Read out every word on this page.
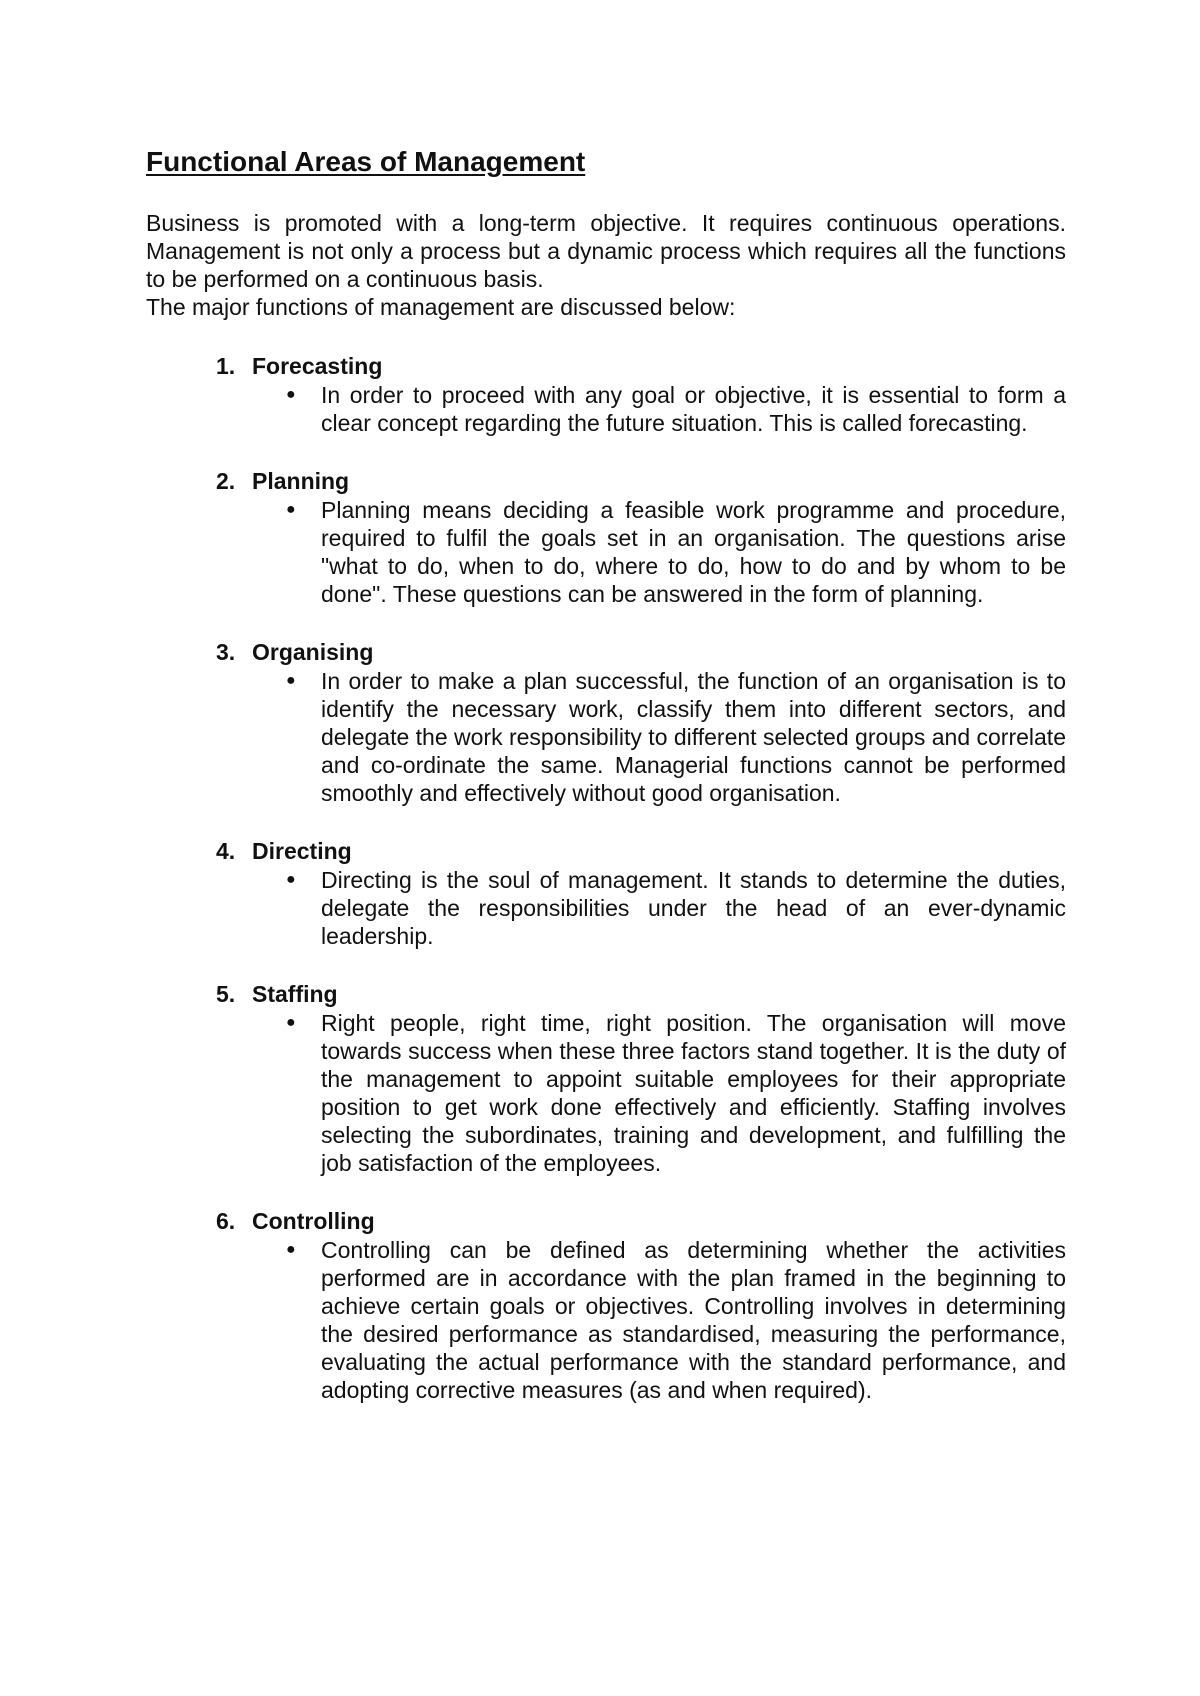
Functional Areas of Management

Business is promoted with a long-term objective. It requires continuous operations. Management is not only a process but a dynamic process which requires all the functions to be performed on a continuous basis.

The major functions of management are discussed below:
1. Forecasting
●	In order to proceed with any goal or objective, it is essential to form a clear concept regarding the future situation. This is called forecasting.

2. Planning
●	Planning means deciding a feasible work programme and procedure, required to fulfil the goals set in an organisation. The questions arise "what to do, when to do, where to do, how to do and by whom to be done". These questions can be answered in the form of planning.

3. Organising
●	In order to make a plan successful, the function of an organisation is to identify the necessary work, classify them into different sectors, and delegate the work responsibility to different selected groups and correlate and co-ordinate the same. Managerial functions cannot be performed smoothly and effectively without good organisation.

4. Directing
●	Directing is the soul of management. It stands to determine the duties, delegate the responsibilities under the head of an ever-dynamic leadership.

5. Staffing
●	Right people, right time, right position. The organisation will move towards success when these three factors stand together. It is the duty of the management to appoint suitable employees for their appropriate position to get work done effectively and efficiently. Staffing involves selecting the subordinates, training and development, and fulfilling the job satisfaction of the employees.

6. Controlling
●	Controlling can be defined as determining whether the activities performed are in accordance with the plan framed in the beginning to achieve certain goals or objectives. Controlling involves in determining the desired performance as standardised, measuring the performance, evaluating the actual performance with the standard performance, and adopting corrective measures (as and when required).
